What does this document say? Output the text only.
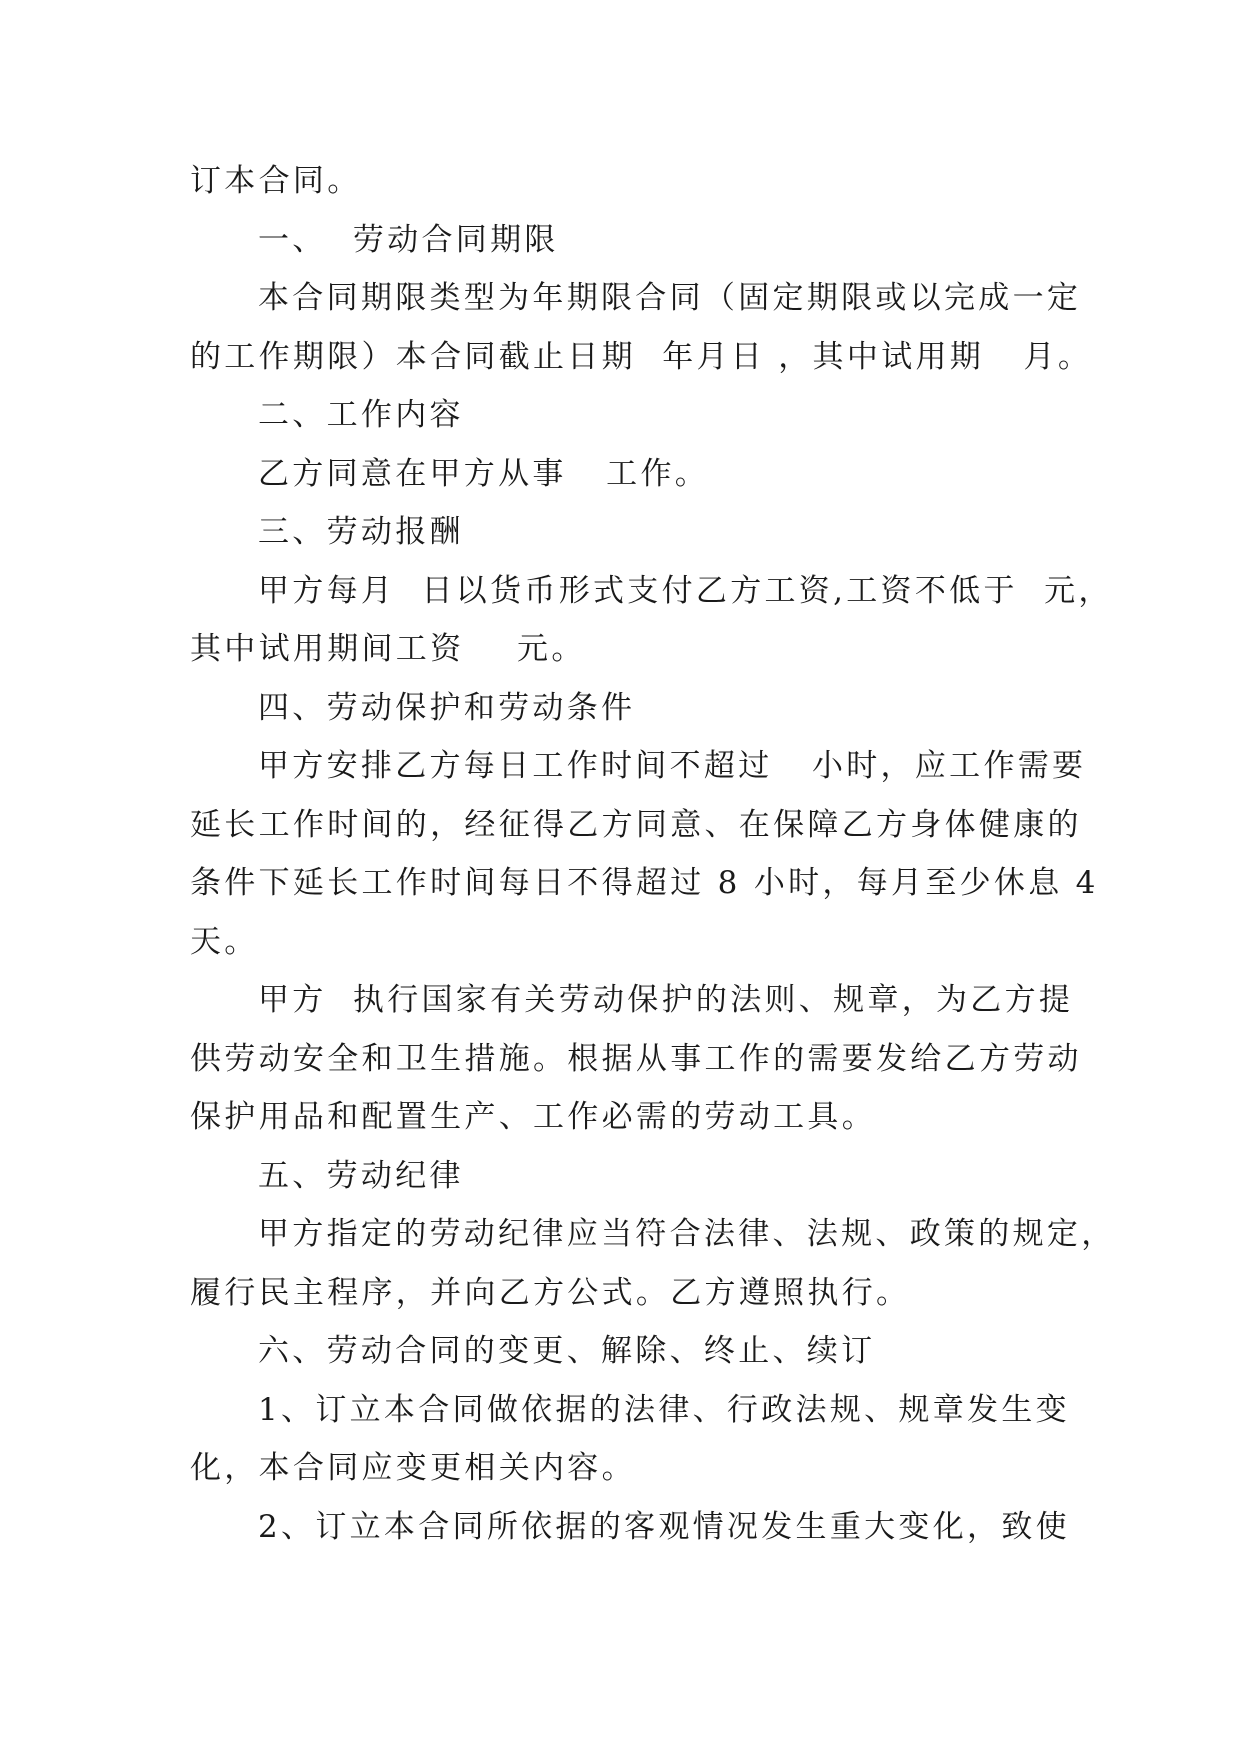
订本合同。
一、  劳动合同期限
本合同期限类型为年期限合同（固定期限或以完成一定
的工作期限）本合同截止日期  年月日 ，其中试用期   月。
二、工作内容
乙方同意在甲方从事   工作。
三、劳动报酬
甲方每月  日以货币形式支付乙方工资,工资不低于  元，
其中试用期间工资    元。
四、劳动保护和劳动条件
甲方安排乙方每日工作时间不超过   小时，应工作需要
延长工作时间的，经征得乙方同意、在保障乙方身体健康的
条件下延长工作时间每日不得超过 8 小时，每月至少休息 4
天。
甲方  执行国家有关劳动保护的法则、规章，为乙方提
供劳动安全和卫生措施。根据从事工作的需要发给乙方劳动
保护用品和配置生产、工作必需的劳动工具。
五、劳动纪律
甲方指定的劳动纪律应当符合法律、法规、政策的规定，
履行民主程序，并向乙方公式。乙方遵照执行。
六、劳动合同的变更、解除、终止、续订
1、订立本合同做依据的法律、行政法规、规章发生变
化，本合同应变更相关内容。
2、订立本合同所依据的客观情况发生重大变化，致使
